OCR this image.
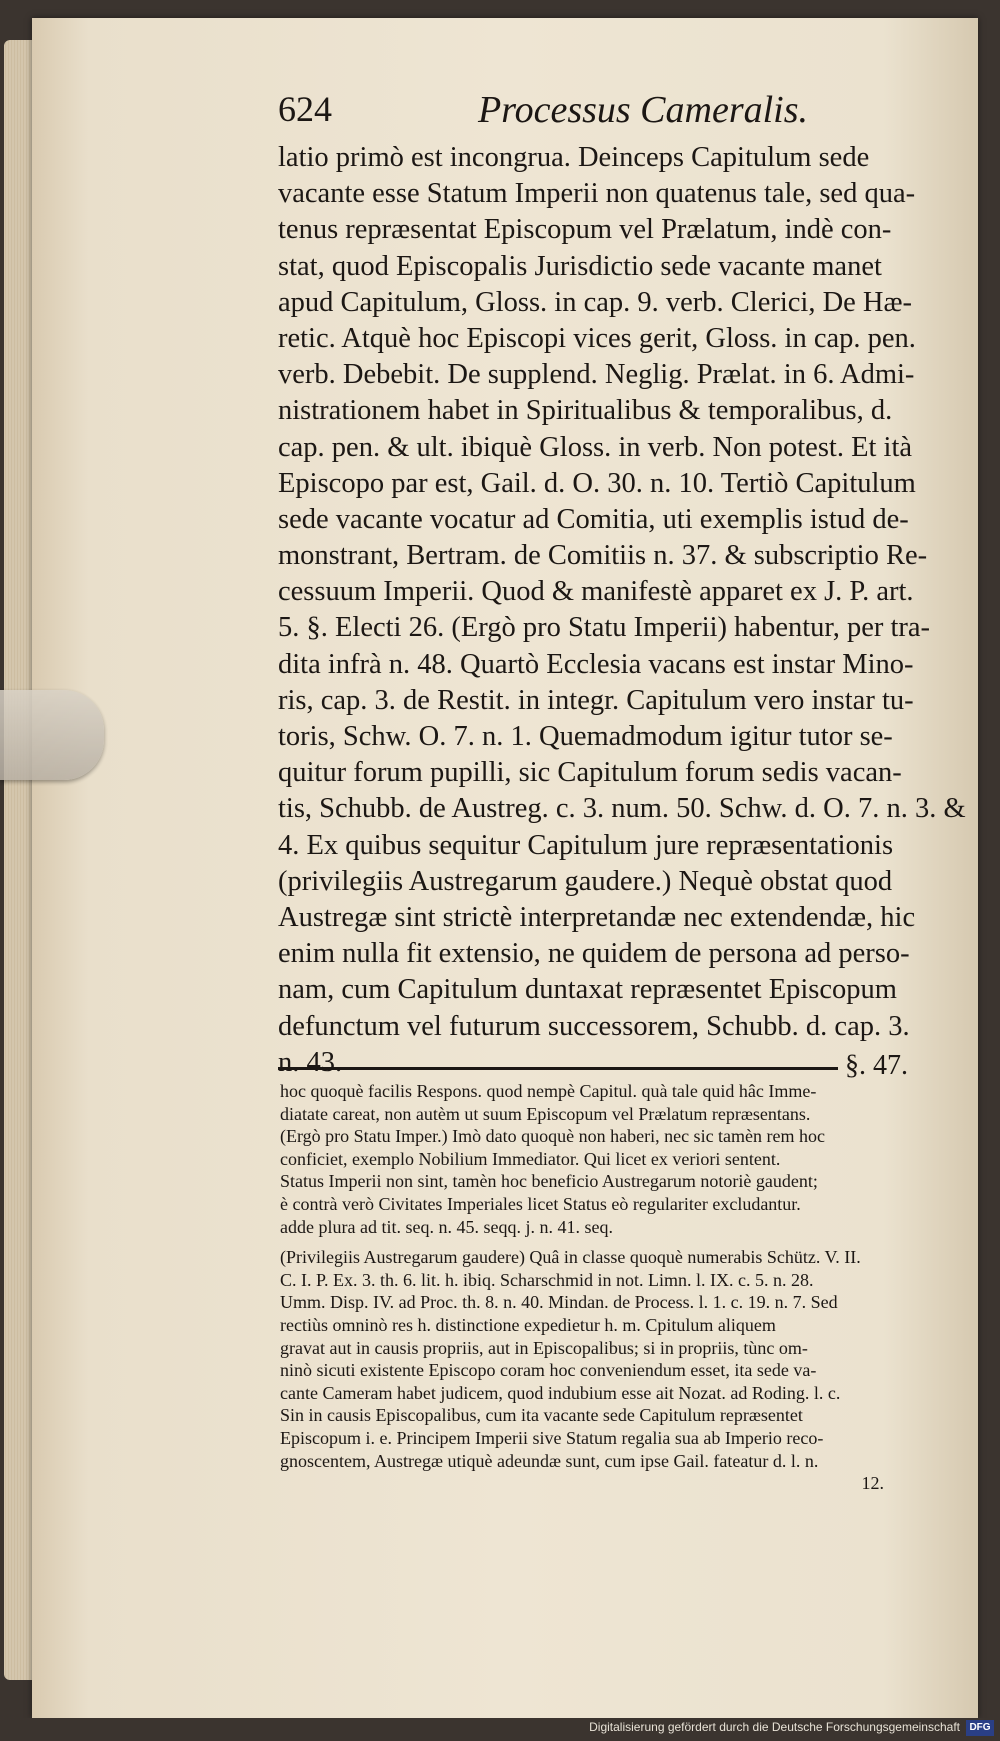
624	Processus Cameralis.
latio primò est incongrua. Deinceps Capitulum sede
vacante esse Statum Imperii non quatenus tale, sed qua-
tenus repræsentat Episcopum vel Prælatum, indè con-
stat, quod Episcopalis Jurisdictio sede vacante manet
apud Capitulum, Gloss. in cap. 9. verb. Clerici, De Hæ-
retic. Atquè hoc Episcopi vices gerit, Gloss. in cap. pen.
verb. Debebit. De supplend. Neglig. Prælat. in 6. Admi-
nistrationem habet in Spiritualibus & temporalibus, d.
cap. pen. & ult. ibiquè Gloss. in verb. Non potest. Et ità
Episcopo par est, Gail. d. O. 30. n. 10. Tertiò Capitulum
sede vacante vocatur ad Comitia, uti exemplis istud de-
monstrant, Bertram. de Comitiis n. 37. & subscriptio Re-
cessuum Imperii. Quod & manifestè apparet ex J. P. art.
5. §. Electi 26. (Ergò pro Statu Imperii) habentur, per tra-
dita infrà n. 48. Quartò Ecclesia vacans est instar Mino-
ris, cap. 3. de Restit. in integr. Capitulum vero instar tu-
toris, Schw. O. 7. n. 1. Quemadmodum igitur tutor se-
quitur forum pupilli, sic Capitulum forum sedis vacan-
tis, Schubb. de Austreg. c. 3. num. 50. Schw. d. O. 7. n. 3. &
4. Ex quibus sequitur Capitulum jure repræsentationis
(privilegiis Austregarum gaudere.) Nequè obstat quod
Austregæ sint strictè interpretandæ nec extendendæ, hic
enim nulla fit extensio, ne quidem de persona ad perso-
nam, cum Capitulum duntaxat repræsentet Episcopum
defunctum vel futurum successorem, Schubb. d. cap. 3.
n. 43.	§. 47.
hoc quoquè facilis Respons. quod nempè Capitul. quà tale quid hâc Imme-
diatate careat, non autèm ut suum Episcopum vel Prælatum repræsentans.
(Ergò pro Statu Imper.) Imò dato quoquè non haberi, nec sic tamèn rem hoc
conficiet, exemplo Nobilium Immediator. Qui licet ex veriori sentent.
Status Imperii non sint, tamèn hoc beneficio Austregarum notoriè gaudent;
è contrà verò Civitates Imperiales licet Status eò regulariter excludantur.
adde plura ad tit. seq. n. 45. seqq. j. n. 41. seq.
(Privilegiis Austregarum gaudere) Quâ in classe quoquè numerabis Schütz. V. II.
C. I. P. Ex. 3. th. 6. lit. h. ibiq. Scharschmid in not. Limn. l. IX. c. 5. n. 28.
Umm. Disp. IV. ad Proc. th. 8. n. 40. Mindan. de Process. l. 1. c. 19. n. 7. Sed
rectiùs omninò res h. distinctione expedietur h. m. Cpitulum aliquem
gravat aut in causis propriis, aut in Episcopalibus; si in propriis, tùnc om-
ninò sicuti existente Episcopo coram hoc conveniendum esset, ita sede va-
cante Cameram habet judicem, quod indubium esse ait Nozat. ad Roding. l. c.
Sin in causis Episcopalibus, cum ita vacante sede Capitulum repræsentet
Episcopum i. e. Principem Imperii sive Statum regalia sua ab Imperio reco-
gnoscentem, Austregæ utiquè adeundæ sunt, cum ipse Gail. fateatur d. l. n.
12.
Digitalisierung gefördert durch die Deutsche Forschungsgemeinschaft DFG
